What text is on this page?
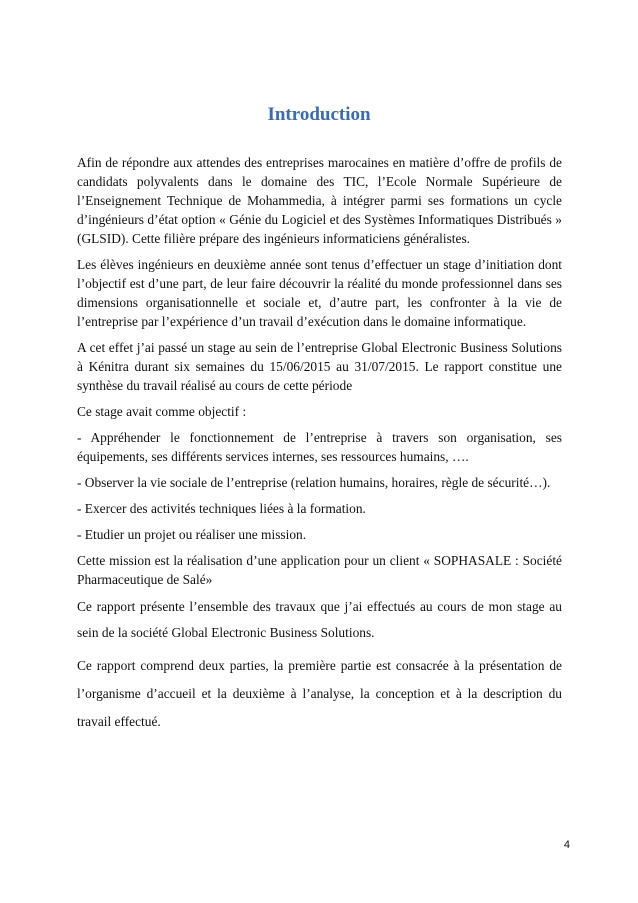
Introduction

Afin de répondre aux attendes des entreprises marocaines en matière d’offre de profils de candidats polyvalents dans le domaine des TIC, l’Ecole Normale Supérieure de l’Enseignement Technique de Mohammedia, à intégrer parmi ses formations un cycle d’ingénieurs d’état option « Génie du Logiciel et des Systèmes Informatiques Distribués » (GLSID). Cette filière prépare des ingénieurs informaticiens généralistes.

Les élèves ingénieurs en deuxième année sont tenus d’effectuer un stage d’initiation dont l’objectif est d’une part, de leur faire découvrir la réalité du monde professionnel dans ses dimensions organisationnelle et sociale et, d’autre part, les confronter à la vie de l’entreprise par l’expérience d’un travail d’exécution dans le domaine informatique.

A cet effet j’ai passé un stage au sein de l’entreprise Global Electronic Business Solutions à Kénitra durant six semaines du 15/06/2015 au 31/07/2015. Le rapport constitue une synthèse du travail réalisé au cours de cette période

Ce stage avait comme objectif :

- Appréhender le fonctionnement de l’entreprise à travers son organisation, ses équipements, ses différents services internes, ses ressources humains, ….

- Observer la vie sociale de l’entreprise (relation humains, horaires, règle de sécurité…).

- Exercer des activités techniques liées à la formation.

- Etudier un projet ou réaliser une mission.

Cette mission est la réalisation d’une application pour un client « SOPHASALE : Société Pharmaceutique de Salé»

Ce rapport présente l’ensemble des travaux que j’ai effectués au cours de mon stage au sein de la société Global Electronic Business Solutions.

Ce rapport comprend deux parties, la première partie est consacrée à la présentation de l’organisme d’accueil et la deuxième à l’analyse, la conception et à la description du travail effectué.

4
